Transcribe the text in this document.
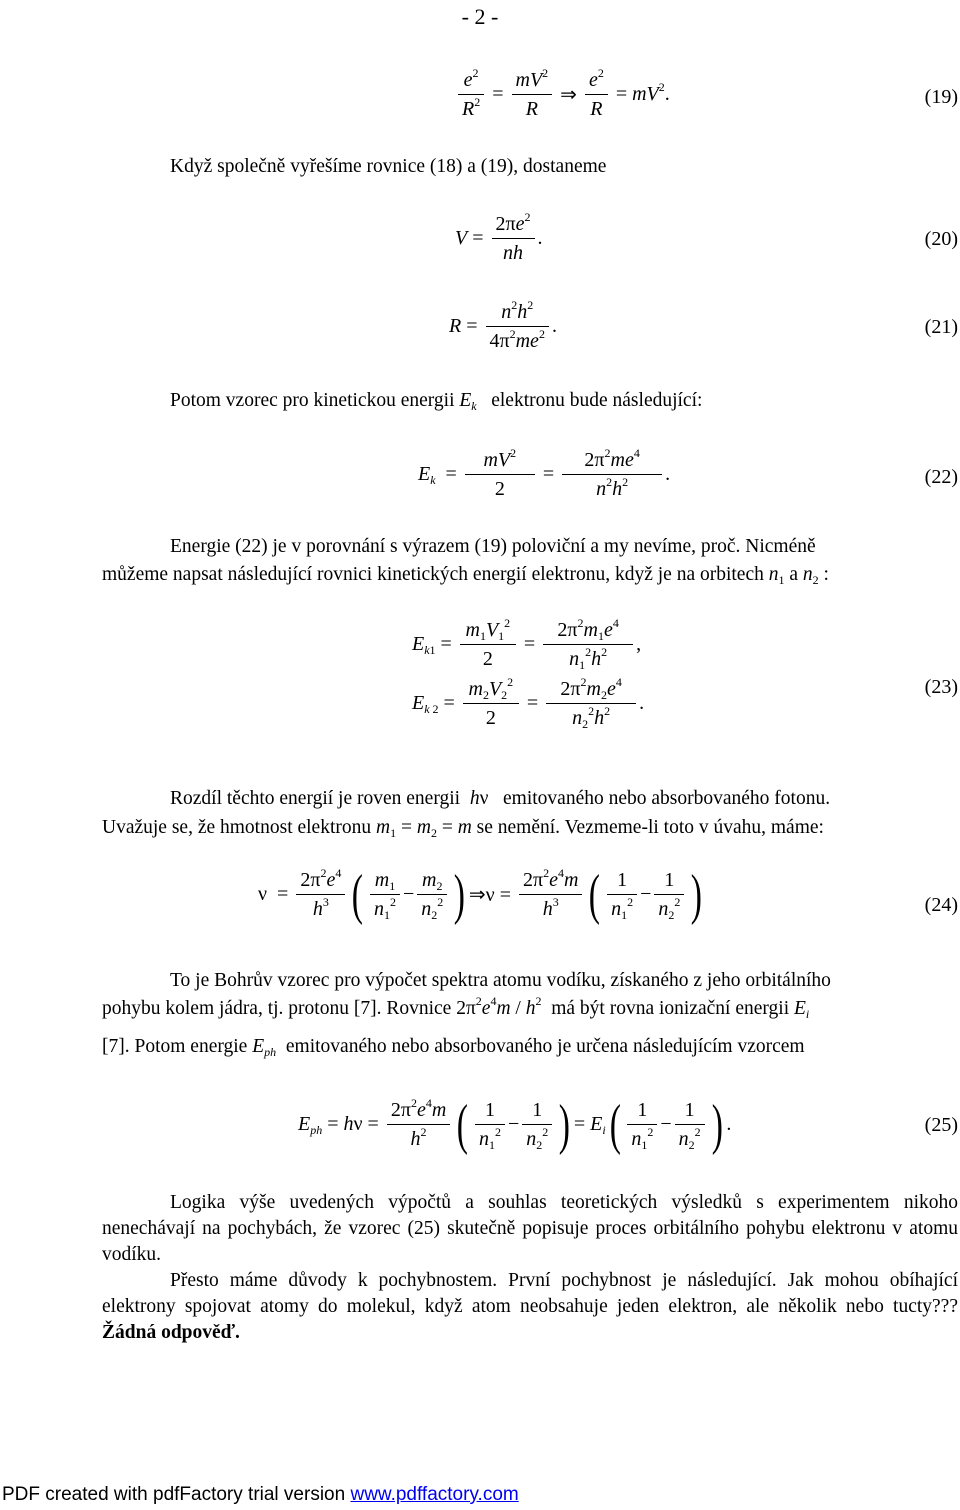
- 2 -
$\frac{e^2}{R^2} = \frac{mV^2}{R}$ ⇒ $\frac{e^2}{R} = mV^2$.	(19)
Když společně vyřešíme rovnice (18) a (19), dostaneme
$V = \frac{2\pi e^2}{nh}$ .	(20)
$R = \frac{n^2h^2}{4\pi^2me^2}$ .	(21)
Potom vzorec pro kinetickou energii $E_k$ elektronu bude následující:
$E_k = \frac{mV^2}{2} = \frac{2\pi^2me^4}{n^2h^2}$ .	(22)
Energie (22) je v porovnání s výrazem (19) poloviční a my nevíme, proč. Nicméně
můžeme napsat následující rovnici kinetických energií elektronu, když je na orbitech $n_1$ a $n_2$ :
$E_{k1} = \frac{m_1V_1^2}{2} = \frac{2\pi^2m_1e^4}{n_1^2h^2}$ ,
$E_{k 2} = \frac{m_2V_2^2}{2} = \frac{2\pi^2m_2e^4}{n_2^2h^2}$ .
(23)
Rozdíl těchto energií je roven energii hν   emitovaného nebo absorbovaného fotonu.
Uvažuje se, že hmotnost elektronu $m_1 = m_2 = m$ se nemění. Vezmeme-li toto v úvahu, máme:
$\nu = \frac{2\pi^2e^4}{h^3}$ ( $\frac{m_1}{n_1^2} - \frac{m_2}{n_2^2}$ ) ⇒ν = $\frac{2\pi^2e^4m}{h^3}$ ( $\frac{1}{n_1^2} - \frac{1}{n_2^2}$ )	(24)
To je Bohrův vzorec pro výpočet spektra atomu vodíku, získaného z jeho orbitálního
pohybu kolem jádra, tj. protonu [7]. Rovnice $2\pi^2e^4m / h^2$ má být rovna ionizační energii $E_i$
[7]. Potom energie $E_{ph}$ emitovaného nebo absorbovaného je určena následujícím vzorcem
$E_{ph} = h\nu = \frac{2\pi^2e^4m}{h^2}$ ( $\frac{1}{n_1^2} - \frac{1}{n_2^2}$ ) = $E_i$ ( $\frac{1}{n_1^2} - \frac{1}{n_2^2}$ ) .	(25)
Logika výše uvedených výpočtů a souhlas teoretických výsledků s experimentem nikoho nenechávají na pochybách, že vzorec (25) skutečně popisuje proces orbitálního pohybu elektronu v atomu vodíku.
Přesto máme důvody k pochybnostem. První pochybnost je následující. Jak mohou obíhající elektrony spojovat atomy do molekul, když atom neobsahuje jeden elektron, ale několik nebo tucty??? Žádná odpověď.
PDF created with pdfFactory trial version www.pdffactory.com
